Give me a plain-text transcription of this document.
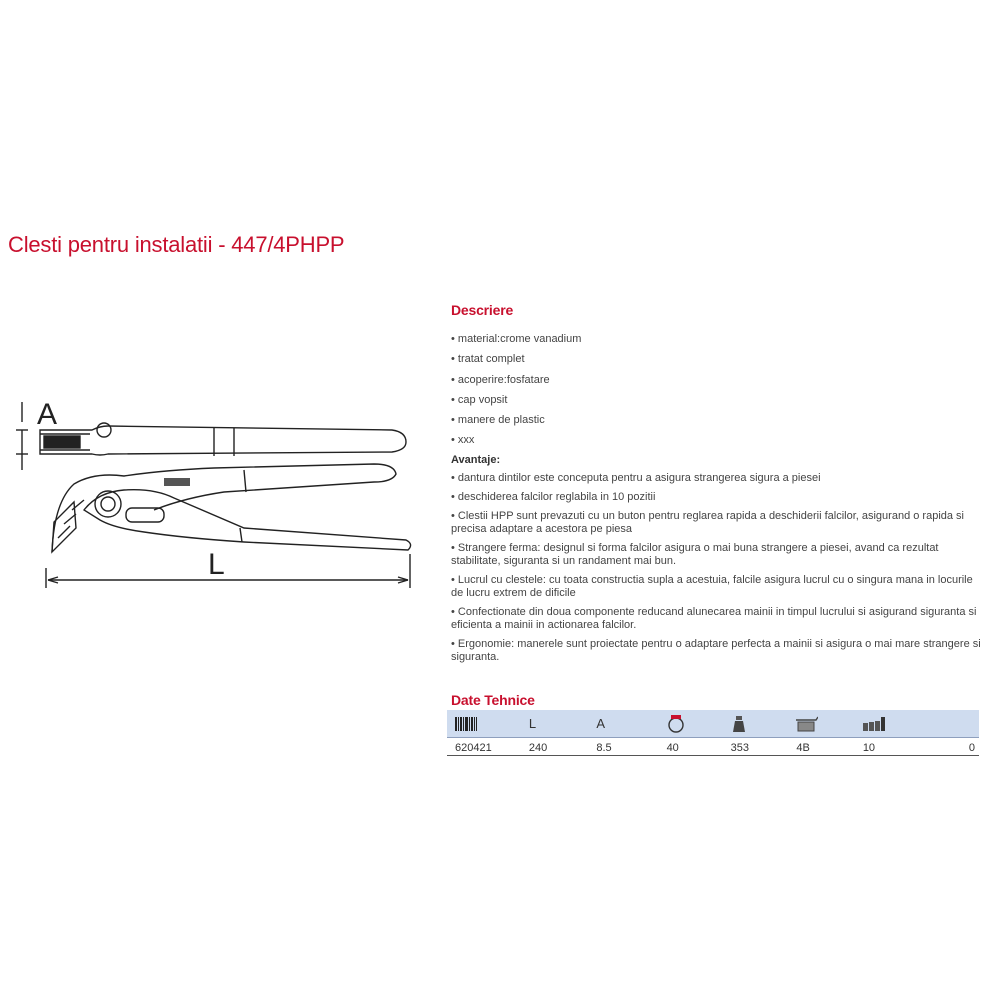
Clesti pentru instalatii - 447/4PHPP
A
L
Descriere
• material:crome vanadium
• tratat complet
• acoperire:fosfatare
• cap vopsit
• manere de plastic
• xxx
Avantaje:
• dantura dintilor este conceputa pentru a asigura strangerea sigura a piesei
• deschiderea falcilor reglabila in 10 pozitii
• Clestii HPP sunt prevazuti cu un buton pentru reglarea rapida a deschiderii falcilor, asigurand o rapida si precisa adaptare a acestora pe piesa
• Strangere ferma: designul si forma falcilor asigura o mai buna strangere a piesei, avand ca rezultat stabilitate, siguranta si un randament mai bun.
• Lucrul cu clestele: cu toata constructia supla a acestuia, falcile asigura lucrul cu o singura mana in locurile de lucru extrem de dificile
• Confectionate din doua componente reducand alunecarea mainii in timpul lucrului si asigurand siguranta si eficienta a mainii in actionarea falcilor.
• Ergonomie: manerele sunt proiectate pentru o adaptare perfecta a mainii si asigura o mai mare strangere si siguranta.
Date Tehnice
	L	A	

620421	240	8.5	40	353	4B	10	0
